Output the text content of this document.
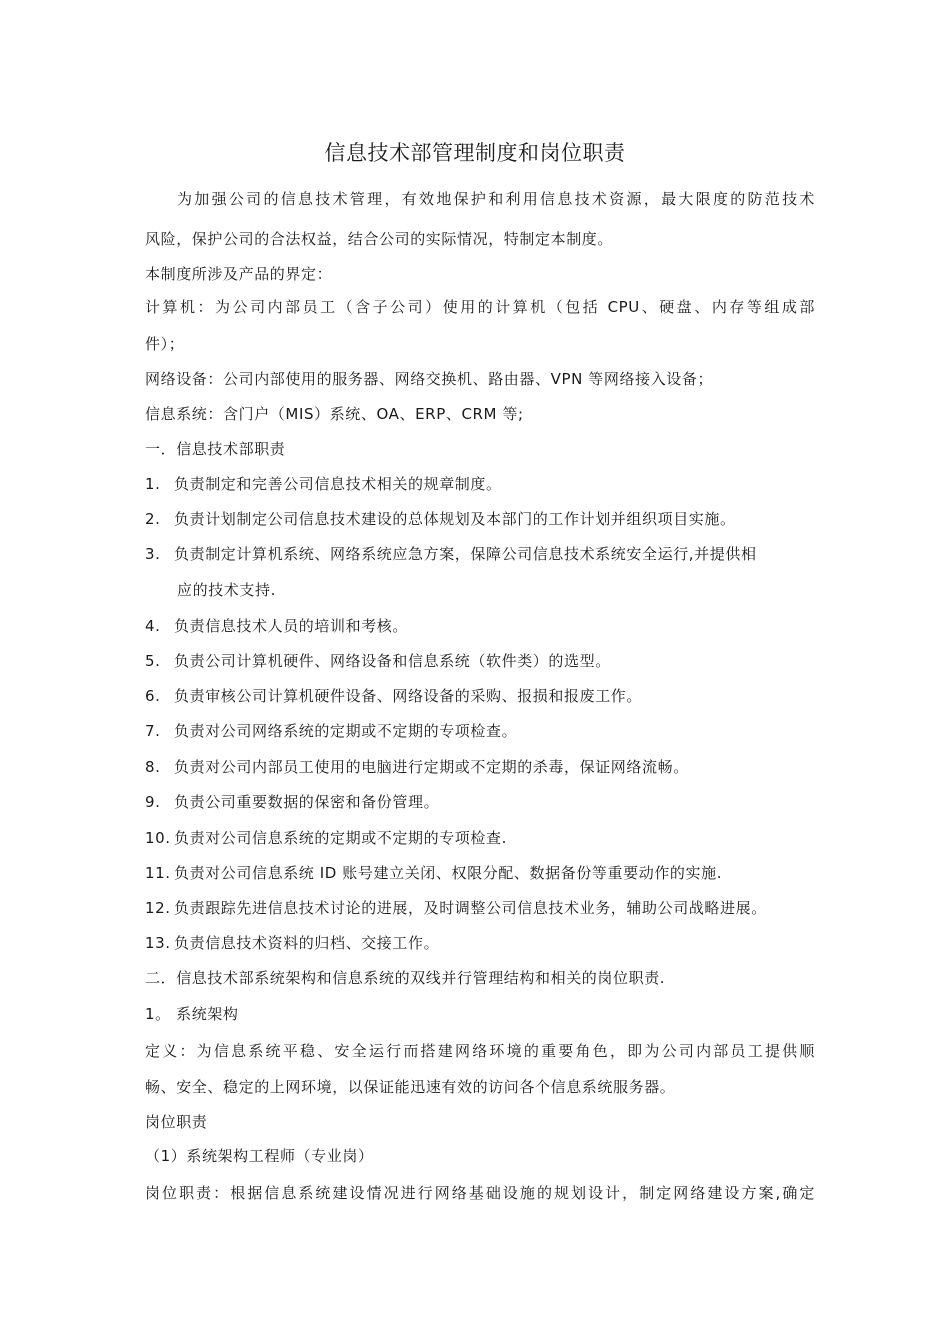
信息技术部管理制度和岗位职责
为加强公司的信息技术管理，有效地保护和利用信息技术资源，最大限度的防范技术
风险，保护公司的合法权益，结合公司的实际情况，特制定本制度。
本制度所涉及产品的界定：
计算机：为公司内部员工（含子公司）使用的计算机（包括 CPU、硬盘、内存等组成部
件）；
网络设备：公司内部使用的服务器、网络交换机、路由器、VPN 等网络接入设备；
信息系统：含门户（MIS）系统、OA、ERP、CRM 等;
一．信息技术部职责
1. 负责制定和完善公司信息技术相关的规章制度。
2. 负责计划制定公司信息技术建设的总体规划及本部门的工作计划并组织项目实施。
3. 负责制定计算机系统、网络系统应急方案，保障公司信息技术系统安全运行,并提供相
应的技术支持.
4. 负责信息技术人员的培训和考核。
5. 负责公司计算机硬件、网络设备和信息系统（软件类）的选型。
6. 负责审核公司计算机硬件设备、网络设备的采购、报损和报废工作。
7. 负责对公司网络系统的定期或不定期的专项检查。
8. 负责对公司内部员工使用的电脑进行定期或不定期的杀毒，保证网络流畅。
9. 负责公司重要数据的保密和备份管理。
10. 负责对公司信息系统的定期或不定期的专项检查.
11. 负责对公司信息系统 ID 账号建立关闭、权限分配、数据备份等重要动作的实施.
12. 负责跟踪先进信息技术讨论的进展，及时调整公司信息技术业务，辅助公司战略进展。
13. 负责信息技术资料的归档、交接工作。
二．信息技术部系统架构和信息系统的双线并行管理结构和相关的岗位职责.
1。 系统架构
定义：为信息系统平稳、安全运行而搭建网络环境的重要角色，即为公司内部员工提供顺
畅、安全、稳定的上网环境，以保证能迅速有效的访问各个信息系统服务器。
岗位职责
（1）系统架构工程师（专业岗）
岗位职责：根据信息系统建设情况进行网络基础设施的规划设计，制定网络建设方案,确定
